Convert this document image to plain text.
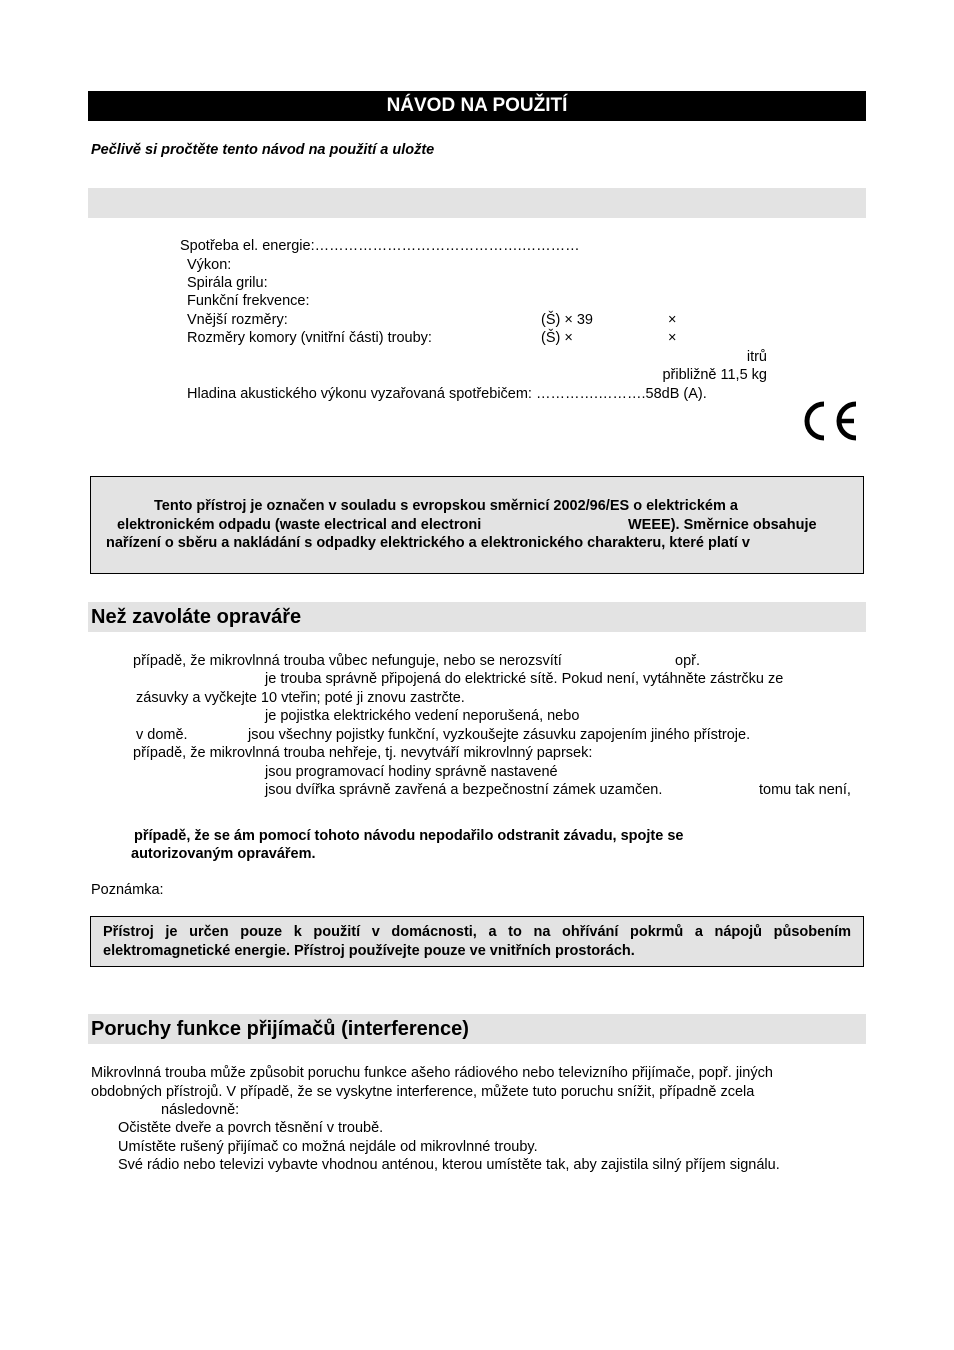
NÁVOD NA POUŽITÍ
Pečlivě si pročtěte tento návod na použití a uložte
Spotřeba el. energie:…………………………………….…………
Výkon:
Spirála grilu:
Funkční frekvence:
Vnější rozměry:	(Š) × 39	×
Rozměry komory (vnitřní části) trouby:	(Š) ×	×
itrů
přibližně 11,5 kg
Hladina akustického výkonu vyzařovaná spotřebičem: ………….……….58dB (A).
Tento přístroj je označen v souladu s evropskou směrnicí 2002/96/ES o elektrickém a
elektronickém odpadu (waste electrical and electroni	WEEE). Směrnice obsahuje
nařízení o sběru a nakládání s odpadky elektrického a elektronického charakteru, které platí v
Než zavoláte opraváře
případě, že mikrovlnná trouba vůbec nefunguje, nebo se nerozsvítí	opř.
je trouba správně připojená do elektrické sítě. Pokud není, vytáhněte zástrčku ze
zásuvky a vyčkejte 10 vteřin; poté ji znovu zastrčte.
je pojistka elektrického vedení neporušená, nebo
v domě.	jsou všechny pojistky funkční, vyzkoušejte zásuvku zapojením jiného přístroje.
případě, že mikrovlnná trouba nehřeje, tj. nevytváří mikrovlnný paprsek:
jsou programovací hodiny správně nastavené
jsou dvířka správně zavřená a bezpečnostní zámek uzamčen.	tomu tak není,
případě, že se ám pomocí tohoto návodu nepodařilo odstranit závadu, spojte se
autorizovaným opravářem.
Poznámka:
Přístroj je určen pouze k použití v domácnosti, a to na ohřívání pokrmů a nápojů působením
elektromagnetické energie. Přístroj používejte pouze ve vnitřních prostorách.
Poruchy funkce přijímačů (interference)
Mikrovlnná trouba může způsobit poruchu funkce ašeho rádiového nebo televizního přijímače, popř. jiných
obdobných přístrojů. V případě, že se vyskytne interference, můžete tuto poruchu snížit, případně zcela
následovně:
Očistěte dveře a povrch těsnění v troubě.
Umístěte rušený přijímač co možná nejdále od mikrovlnné trouby.
Své rádio nebo televizi vybavte vhodnou anténou, kterou umístěte tak, aby zajistila silný příjem signálu.
